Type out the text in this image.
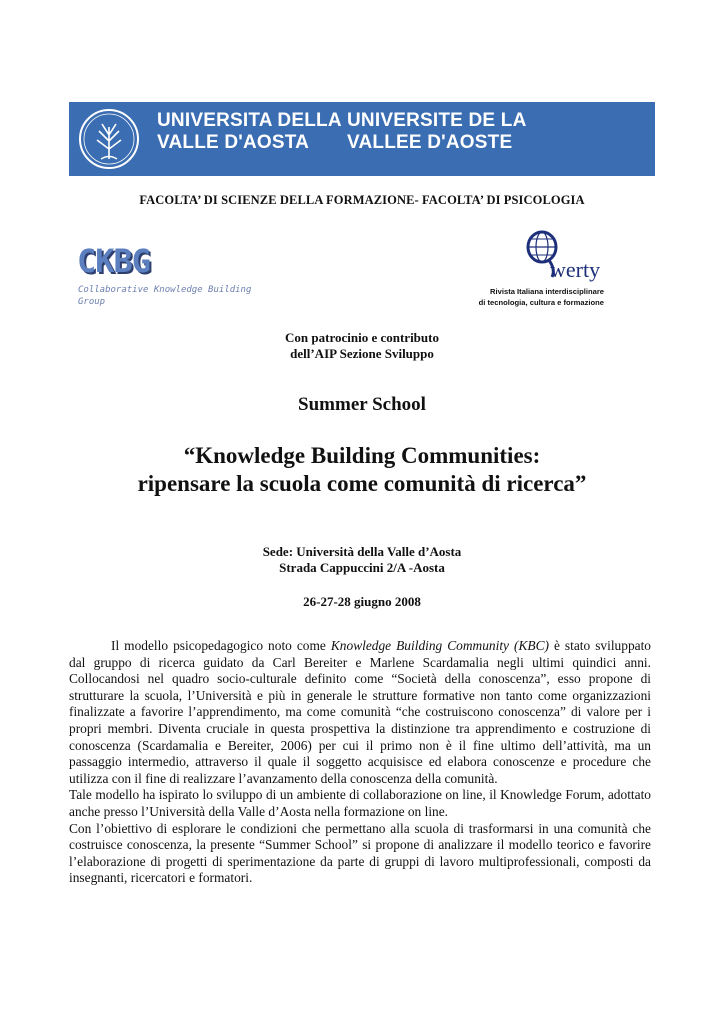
UNIVERSITA DELLA
VALLE D'AOSTA
UNIVERSITE DE LA
VALLEE D'AOSTE
FACOLTA’ DI SCIENZE DELLA FORMAZIONE- FACOLTA’ DI PSICOLOGIA
CKBG
Collaborative Knowledge Building
Group
werty
Rivista Italiana interdisciplinare
di tecnologia, cultura e formazione
Con patrocinio e contributo
dell’AIP Sezione Sviluppo
Summer School
“Knowledge Building Communities:
ripensare la scuola come comunità di ricerca”
Sede: Università della Valle d’Aosta
Strada Cappuccini 2/A -Aosta
26-27-28 giugno 2008

Il modello psicopedagogico noto come Knowledge Building Community (KBC) è stato sviluppato dal gruppo di ricerca guidato da Carl Bereiter e Marlene Scardamalia negli ultimi quindici anni. Collocandosi nel quadro socio-culturale definito come “Società della conoscenza”, esso propone di strutturare la scuola, l’Università e più in generale le strutture formative non tanto come organizzazioni finalizzate a favorire l’apprendimento, ma come comunità “che costruiscono conoscenza” di valore per i propri membri. Diventa cruciale in questa prospettiva la distinzione tra apprendimento e costruzione di conoscenza (Scardamalia e Bereiter, 2006) per cui il primo non è il fine ultimo dell’attività, ma un passaggio intermedio, attraverso il quale il soggetto acquisisce ed elabora conoscenze e procedure che utilizza con il fine di realizzare l’avanzamento della conoscenza della comunità.

Tale modello ha ispirato lo sviluppo di un ambiente di collaborazione on line, il Knowledge Forum, adottato anche presso l’Università della Valle d’Aosta nella formazione on line.

Con l’obiettivo di esplorare le condizioni che permettano alla scuola di trasformarsi in una comunità che costruisce conoscenza, la presente “Summer School” si propone di analizzare il modello teorico e favorire l’elaborazione di progetti di sperimentazione da parte di gruppi di lavoro multiprofessionali, composti da insegnanti, ricercatori e formatori.
